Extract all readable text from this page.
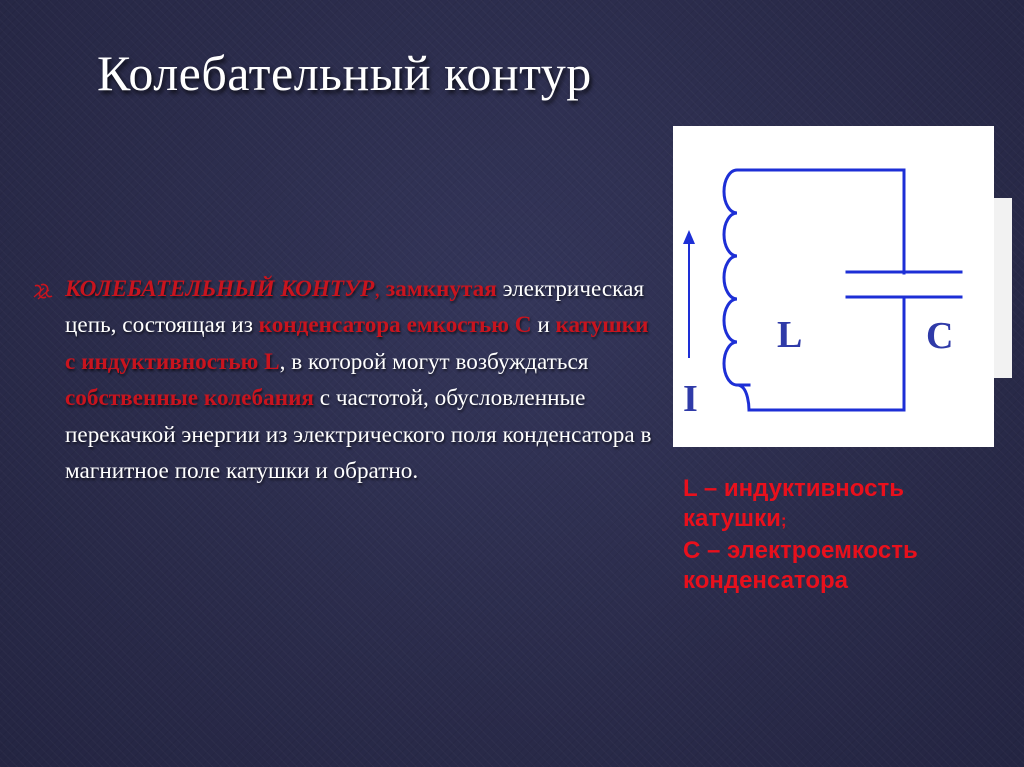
Колебательный контур

КОЛЕБАТЕЛЬНЫЙ КОНТУР, замкнутая электрическая цепь, состоящая из конденсатора емкостью С и катушки с индуктивностью L, в которой могут возбуждаться собственные колебания с частотой, обусловленные перекачкой энергии из электрического поля конденсатора в магнитное поле катушки и обратно.

I
L	C
L – индуктивность
катушки;
С – электроемкость
конденсатора
